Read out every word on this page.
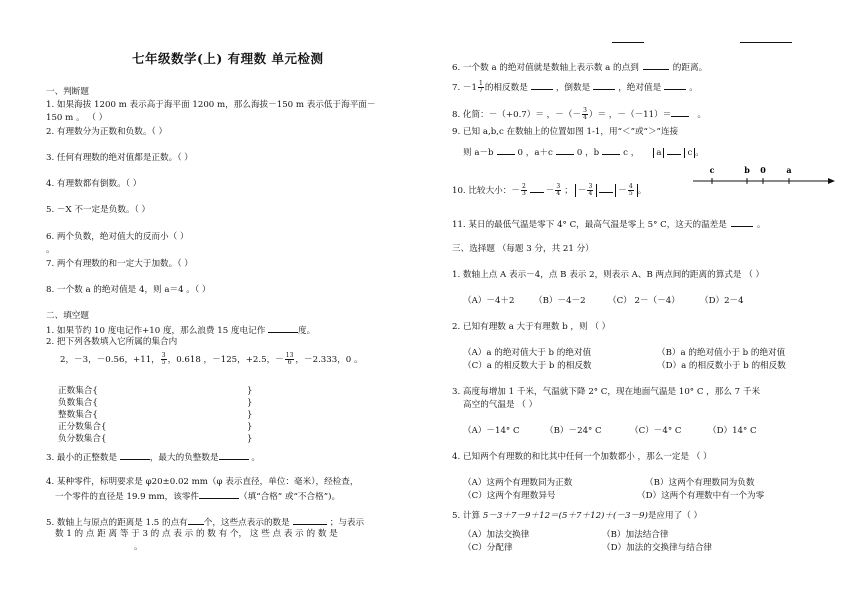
七年级数学(上) 有理数 单元检测
一、判断题
1. 如果海拔 1200 m 表示高于海平面 1200 m，那么海拔－150 m 表示低于海平面－
150 m 。 （ ）
2. 有理数分为正数和负数。（ ）
3. 任何有理数的绝对值都是正数。（ ）
4. 有理数都有倒数。（ ）
5. －X 不一定是负数。（ ）
6. 两个负数，绝对值大的反而小（ ）
。
7. 两个有理数的和一定大于加数。（ ）
8. 一个数 a 的绝对值是 4，则 a＝4 。（ ）
二、填空题
1. 如果节约 10 度电记作+10 度，那么浪费 15 度电记作	度。
2. 把下列各数填入它所属的集合内
2，－3，－0.56，+11， $\frac{3}{5}$ ，0.618 ，－125，+2.5，－ $\frac{13}{6}$ ，－2.333，0 。
正数集合{	}
负数集合{	}
整数集合{	}
正分数集合{	}
负分数集合{	}
3. 最小的正整数是	，最大的负整数是	。
4. 某种零件，标明要求是 φ20±0.02 mm（φ 表示直径，单位：毫米），经检查，
一个零件的直径是 19.9 mm，该零件	（填“合格” 或“不合格”)。
5. 数轴上与原点的距离是 1.5 的点有 个，这些点表示的数是	；与表示
数 1 的 点 距 离 等 于 3 的 点 表 示 的 数 有 个， 这 些 点 表 示 的 数 是
。
6. 一个数 a 的绝对值就是数轴上表示数 a 的点到	的距离。
7. $-1 \frac{1}{7}$ 的相反数是	，倒数是	，绝对值是	。
8. 化简：－（+0.7）＝ ，－（－ $\frac{3}{4}$ ）＝ ，－（－11）＝	。
9. 已知 a,b,c 在数轴上的位置如图 1-1，用“＜”或“＞”连接
则 a－b	0 ，a＋c	0 ，b	c ， a	c 。
c	b 0	a
10. 比较大小：－ $\frac{2}{3} - \frac{3}{4}$ ； － $\frac{3}{4}$	－ $\frac{4}{5}$ 。
11. 某日的最低气温是零下 4° C，最高气温是零上 5° C，这天的温差是	。
三、选择题 （每题 3 分，共 21 分）
1. 数轴上点 A 表示－4，点 B 表示 2，则表示 A、B 两点间的距离的算式是 （ ）
（A）－4＋2 （B）－4－2	（C） 2－（－4） （D）2－4
2. 已知有理数 a 大于有理数 b ，则 （ ）
（A）a 的绝对值大于 b 的绝对值	（B）a 的绝对值小于 b 的绝对值
（C）a 的相反数大于 b 的相反数	（D）a 的相反数小于 b 的相反数
3. 高度每增加 1 千米，气温就下降 2° C，现在地面气温是 10° C ，那么 7 千米
高空的气温是 （ ）
（A）－14° C	（B）－24° C	（C）－4° C	（D）14° C
4. 已知两个有理数的和比其中任何一个加数都小 ，那么一定是 （ ）
（A）这两个有理数同为正数	（B）这两个有理数同为负数
（C）这两个有理数异号	（D）这两个有理数中有一个为零
5. 计算 5－3＋7－9＋12＝(5＋7＋12)＋(－3－9)是应用了（ ）
（A）加法交换律	（B）加法结合律
（C）分配律	（D）加法的交换律与结合律
